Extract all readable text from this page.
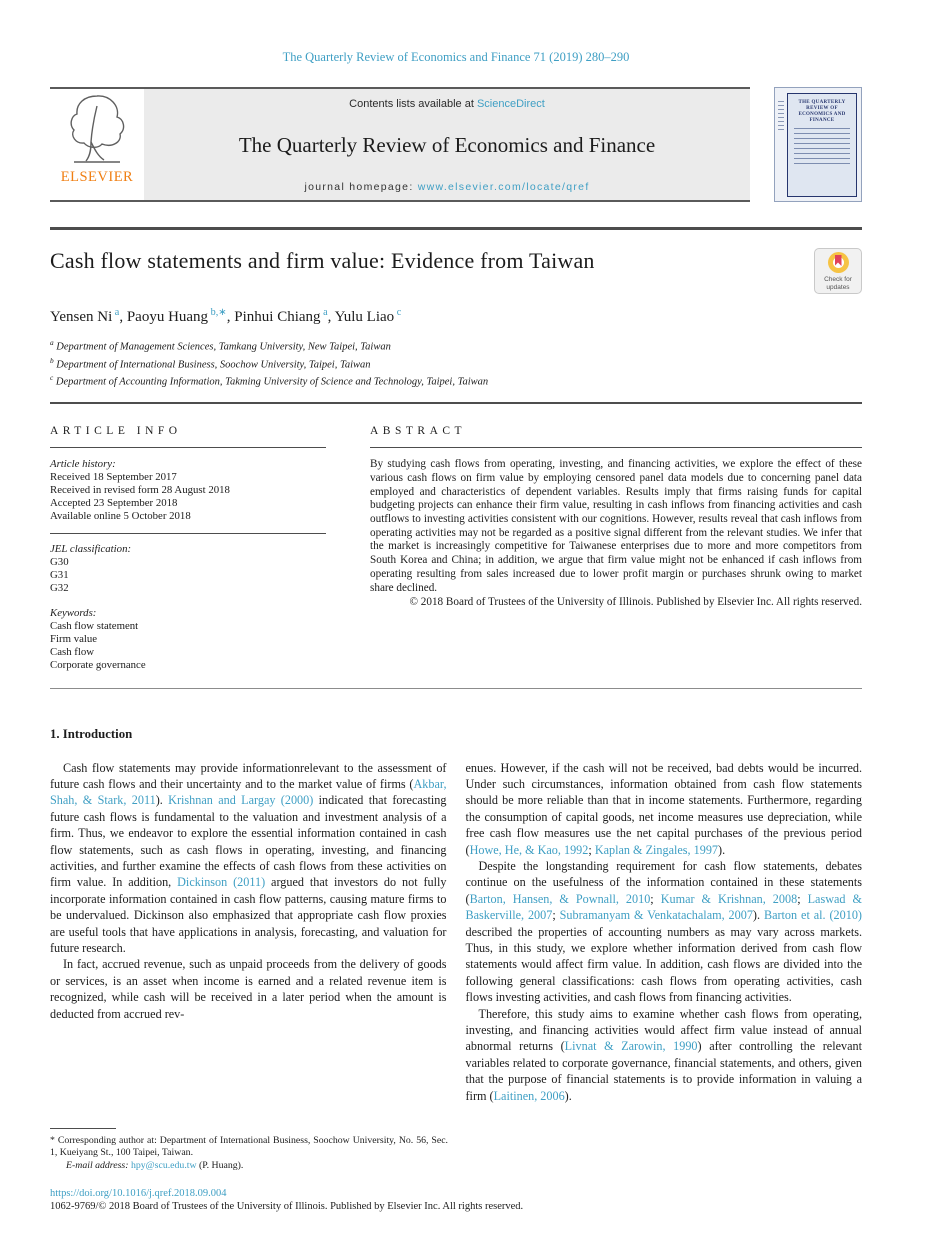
The Quarterly Review of Economics and Finance 71 (2019) 280–290
ELSEVIER
Contents lists available at ScienceDirect
The Quarterly Review of Economics and Finance
journal homepage: www.elsevier.com/locate/qref
THE QUARTERLY REVIEW OF ECONOMICS AND FINANCE
Cash flow statements and firm value: Evidence from Taiwan
Check for updates
Yensen Ni $^a$, Paoyu Huang $^{b,∗}$, Pinhui Chiang $^a$, Yulu Liao $^c$
$^a$ Department of Management Sciences, Tamkang University, New Taipei, Taiwan
$^b$ Department of International Business, Soochow University, Taipei, Taiwan
$^c$ Department of Accounting Information, Takming University of Science and Technology, Taipei, Taiwan
ARTICLE INFO
Article history:
Received 18 September 2017
Received in revised form 28 August 2018
Accepted 23 September 2018
Available online 5 October 2018
JEL classification:
G30
G31
G32
Keywords:
Cash flow statement
Firm value
Cash flow
Corporate governance
ABSTRACT
By studying cash flows from operating, investing, and financing activities, we explore the effect of these various cash flows on firm value by employing censored panel data models due to concerning panel data employed and characteristics of dependent variables. Results imply that firms raising funds for capital budgeting projects can enhance their firm value, resulting in cash inflows from financing activities and cash outflows to investing activities consistent with our cognitions. However, results reveal that cash inflows from operating activities may not be regarded as a positive signal different from the relevant studies. We infer that the market is increasingly competitive for Taiwanese enterprises due to more and more competitors from South Korea and China; in addition, we argue that firm value might not be enhanced if cash inflows from operating resulting from sales increased due to lower profit margin or purchases shrunk owing to market share declined.
© 2018 Board of Trustees of the University of Illinois. Published by Elsevier Inc. All rights reserved.
1. Introduction

Cash flow statements may provide informationrelevant to the assessment of future cash flows and their uncertainty and to the market value of firms (Akbar, Shah, & Stark, 2011). Krishnan and Largay (2000) indicated that forecasting future cash flows is fundamental to the valuation and investment analysis of a firm. Thus, we endeavor to explore the essential information contained in cash flow statements, such as cash flows in operating, investing, and financing activities, and further examine the effects of cash flows from these activities on firm value. In addition, Dickinson (2011) argued that investors do not fully incorporate information contained in cash flow patterns, causing mature firms to be undervalued. Dickinson also emphasized that appropriate cash flow proxies are useful tools that have applications in analysis, forecasting, and valuation for future research.

In fact, accrued revenue, such as unpaid proceeds from the delivery of goods or services, is an asset when income is earned and a related revenue item is recognized, while cash will be received in a later period when the amount is deducted from accrued rev-

enues. However, if the cash will not be received, bad debts would be incurred. Under such circumstances, information obtained from cash flow statements should be more reliable than that in income statements. Furthermore, regarding the consumption of capital goods, net income measures use depreciation, while free cash flow measures use the net capital purchases of the previous period (Howe, He, & Kao, 1992; Kaplan & Zingales, 1997).

Despite the longstanding requirement for cash flow statements, debates continue on the usefulness of the information contained in these statements (Barton, Hansen, & Pownall, 2010; Kumar & Krishnan, 2008; Laswad & Baskerville, 2007; Subramanyam & Venkatachalam, 2007). Barton et al. (2010) described the properties of accounting numbers as may vary across markets. Thus, in this study, we explore whether information derived from cash flow statements would affect firm value. In addition, cash flows are divided into the following general classifications: cash flows from operating activities, cash flows investing activities, and cash flows from financing activities.

Therefore, this study aims to examine whether cash flows from operating, investing, and financing activities would affect firm value instead of annual abnormal returns (Livnat & Zarowin, 1990) after controlling the relevant variables related to corporate governance, financial statements, and others, given that the purpose of financial statements is to provide information in valuing a firm (Laitinen, 2006).

* Corresponding author at: Department of International Business, Soochow University, No. 56, Sec. 1, Kueiyang St., 100 Taipei, Taiwan.
E-mail address: hpy@scu.edu.tw (P. Huang).
https://doi.org/10.1016/j.qref.2018.09.004
1062-9769/© 2018 Board of Trustees of the University of Illinois. Published by Elsevier Inc. All rights reserved.
